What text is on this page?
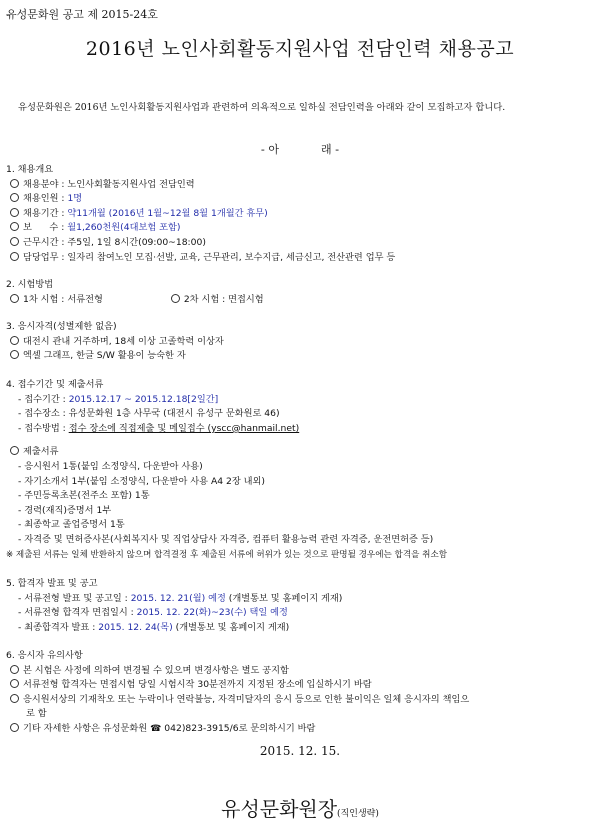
유성문화원 공고 제 2015-24호
2016년 노인사회활동지원사업 전담인력 채용공고
유성문화원은 2016년 노인사회활동지원사업과 관련하여 의욕적으로 일하실 전담인력을 아래와 같이 모집하고자 합니다.
- 아	래 -
1. 채용개요
채용분야 : 노인사회활동지원사업 전담인력
채용인원 : 1명
채용기간 : 약11개월 (2016년 1월~12월 8월 1개월간 휴무)
보      수 : 월1,260천원(4대보험 포함)
근무시간 : 주5일, 1일 8시간(09:00~18:00)
담당업무 : 일자리 참여노인 모집·선발, 교육, 근무관리, 보수지급, 세금신고, 전산관련 업무 등
2. 시험방법
1차 시험 : 서류전형	2차 시험 : 면접시험
3. 응시자격(성별제한 없음)
대전시 관내 거주하며, 18세 이상 고졸학력 이상자
엑셀 그래프, 한글 S/W 활용이 능숙한 자
4. 접수기간 및 제출서류
- 접수기간 : 2015.12.17 ~ 2015.12.18[2일간]
- 접수장소 : 유성문화원 1층 사무국 (대전시 유성구 문화원로 46)
- 접수방법 : 접수 장소에 직접제출 및 메일접수 (yscc@hanmail.net)
제출서류
- 응시원서 1통(붙임 소정양식, 다운받아 사용)
- 자기소개서 1부(붙임 소정양식, 다운받아 사용 A4 2장 내외)
- 주민등록초본(전주소 포함) 1통
- 경력(재직)증명서 1부
- 최종학교 졸업증명서 1통
- 자격증 및 면허증사본(사회복지사 및 직업상담사 자격증, 컴퓨터 활용능력 관련 자격증, 운전면허증 등)
※ 제출된 서류는 일체 반환하지 않으며 합격결정 후 제출된 서류에 허위가 있는 것으로 판명될 경우에는 합격을 취소함
5. 합격자 발표 및 공고
- 서류전형 발표 및 공고일 : 2015. 12. 21(월) 예정 (개별통보 및 홈페이지 게재)
- 서류전형 합격자 면접일시 : 2015. 12. 22(화)~23(수) 택일 예정
- 최종합격자 발표 : 2015. 12. 24(목) (개별통보 및 홈페이지 게재)
6. 응시자 유의사항
본 시험은 사정에 의하여 변경될 수 있으며 변경사항은 별도 공지함
서류전형 합격자는 면접시험 당일 시험시작 30분전까지 지정된 장소에 입실하시기 바람
응시원서상의 기재착오 또는 누락이나 연락불능, 자격미달자의 응시 등으로 인한 불이익은 일체 응시자의 책임으
로 함
기타 자세한 사항은 유성문화원 ☎ 042)823-3915/6로 문의하시기 바람
2015. 12. 15.
유성문화원장(직인생략)
